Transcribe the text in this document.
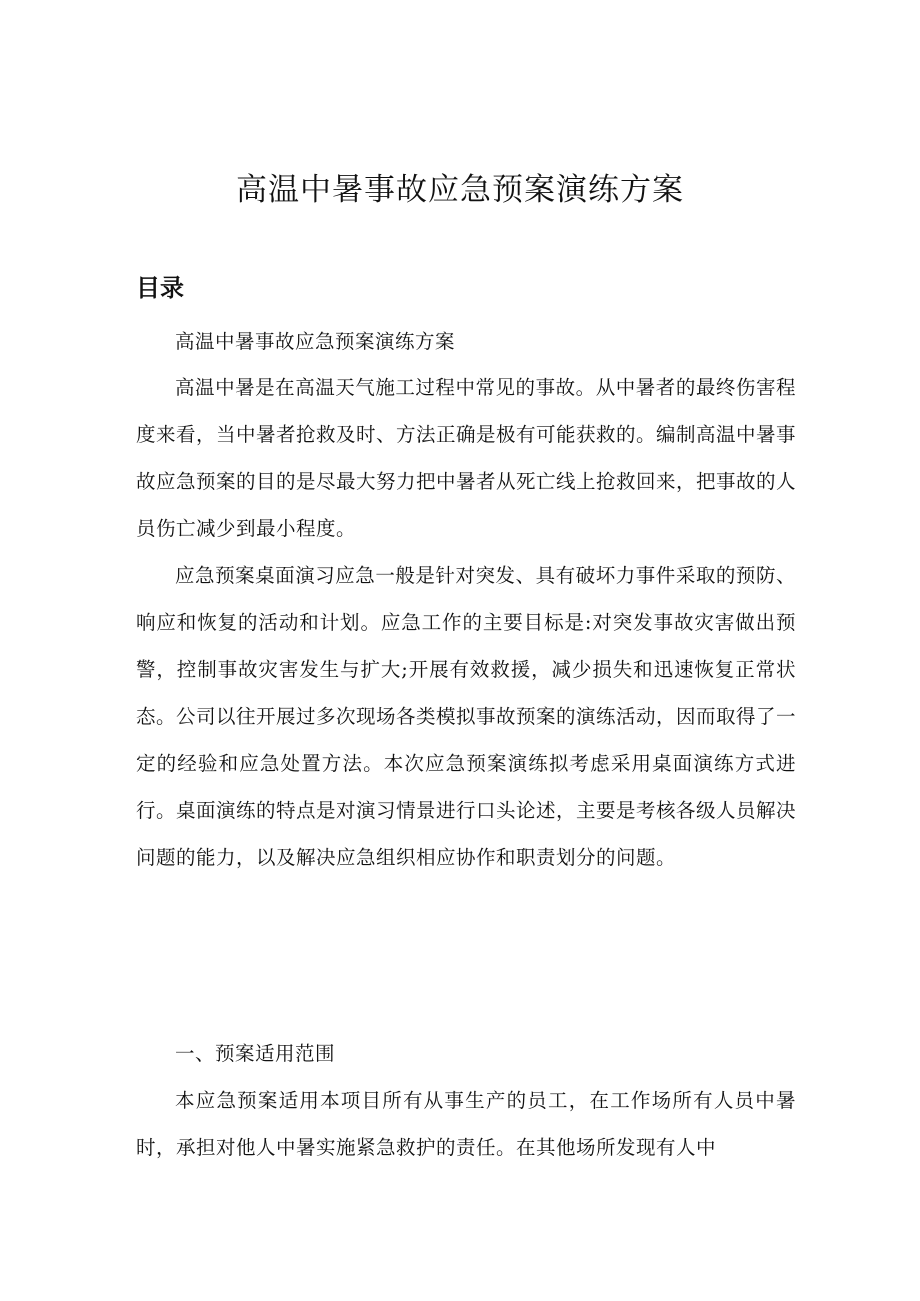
高温中暑事故应急预案演练方案
目录

高温中暑事故应急预案演练方案

高温中暑是在高温天气施工过程中常见的事故。从中暑者的最终伤害程度来看，当中暑者抢救及时、方法正确是极有可能获救的。编制高温中暑事故应急预案的目的是尽最大努力把中暑者从死亡线上抢救回来，把事故的人员伤亡减少到最小程度。

应急预案桌面演习应急一般是针对突发、具有破坏力事件采取的预防、响应和恢复的活动和计划。应急工作的主要目标是:对突发事故灾害做出预警，控制事故灾害发生与扩大;开展有效救援，减少损失和迅速恢复正常状态。公司以往开展过多次现场各类模拟事故预案的演练活动，因而取得了一定的经验和应急处置方法。本次应急预案演练拟考虑采用桌面演练方式进行。桌面演练的特点是对演习情景进行口头论述，主要是考核各级人员解决问题的能力，以及解决应急组织相应协作和职责划分的问题。

一、预案适用范围

本应急预案适用本项目所有从事生产的员工，在工作场所有人员中暑时，承担对他人中暑实施紧急救护的责任。在其他场所发现有人中
